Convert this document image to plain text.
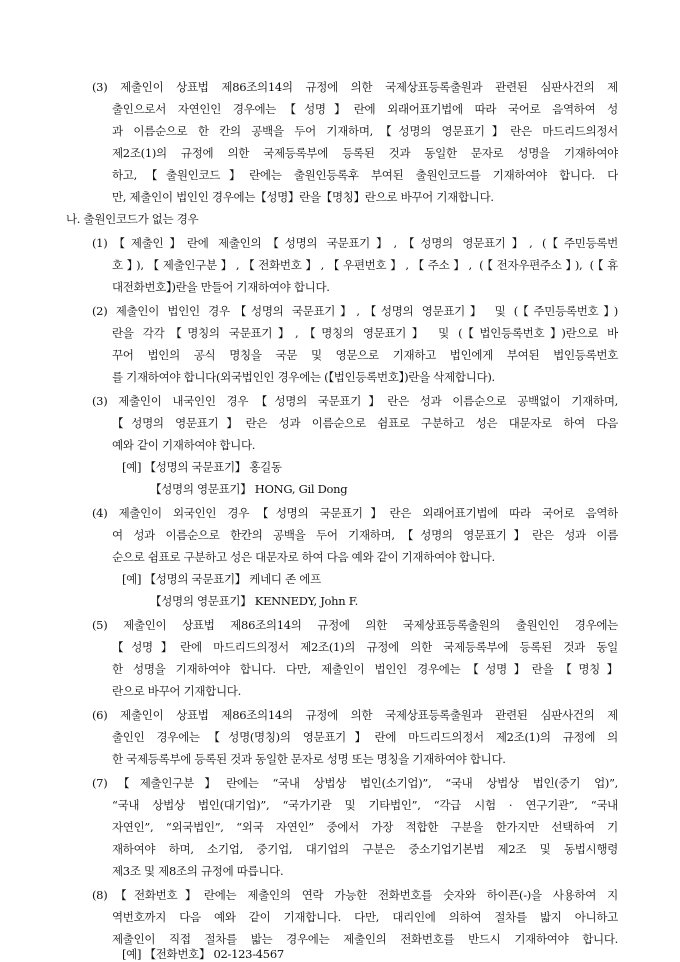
(3) 제출인이 상표법 제86조의14의 규정에 의한 국제상표등록출원과 관련된 심판사건의 제
출인으로서 자연인인 경우에는【성명】란에 외래어표기법에 따라 국어로 음역하여 성
과 이름순으로 한 칸의 공백을 두어 기재하며,【성명의 영문표기】란은 마드리드의정서
제2조(1)의 규정에 의한 국제등록부에 등록된 것과 동일한 문자로 성명을 기재하여야
하고,【출원인코드】란에는 출원인등록후 부여된 출원인코드를 기재하여야 합니다. 다
만, 제출인이 법인인 경우에는【성명】란을【명칭】란으로 바꾸어 기재합니다.
나. 출원인코드가 없는 경우
(1)【제출인】란에 제출인의【성명의 국문표기】,【성명의 영문표기】, (【주민등록번
호】),【제출인구분】,【전화번호】,【우편번호】,【주소】, (【전자우편주소】), (【휴
대전화번호】)란을 만들어 기재하여야 합니다.
(2) 제출인이 법인인 경우【성명의 국문표기】,【성명의 영문표기】 및 (【주민등록번호】)
란을 각각【명칭의 국문표기】,【명칭의 영문표기】 및 (【법인등록번호】)란으로 바
꾸어 법인의 공식 명칭을 국문 및 영문으로 기재하고 법인에게 부여된 법인등록번호
를 기재하여야 합니다(외국법인인 경우에는 (【법인등록번호】)란을 삭제합니다).
(3) 제출인이 내국인인 경우【성명의 국문표기】란은 성과 이름순으로 공백없이 기재하며,
【성명의 영문표기】란은 성과 이름순으로 쉼표로 구분하고 성은 대문자로 하여 다음
예와 같이 기재하여야 합니다.
[예] 【성명의 국문표기】 홍길동
【성명의 영문표기】 HONG, Gil Dong
(4) 제출인이 외국인인 경우【성명의 국문표기】란은 외래어표기법에 따라 국어로 음역하
여 성과 이름순으로 한칸의 공백을 두어 기재하며,【성명의 영문표기】란은 성과 이름
순으로 쉼표로 구분하고 성은 대문자로 하여 다음 예와 같이 기재하여야 합니다.
[예] 【성명의 국문표기】 케네디 존 에프
【성명의 영문표기】 KENNEDY, John F.
(5) 제출인이 상표법 제86조의14의 규정에 의한 국제상표등록출원의 출원인인 경우에는
【성명】란에 마드리드의정서 제2조(1)의 규정에 의한 국제등록부에 등록된 것과 동일
한 성명을 기재하여야 합니다. 다만, 제출인이 법인인 경우에는【성명】란을【명칭】
란으로 바꾸어 기재합니다.
(6) 제출인이 상표법 제86조의14의 규정에 의한 국제상표등록출원과 관련된 심판사건의 제
출인인 경우에는【성명(명칭)의 영문표기】란에 마드리드의정서 제2조(1)의 규정에 의
한 국제등록부에 등록된 것과 동일한 문자로 성명 또는 명칭을 기재하여야 합니다.
(7)【제출인구분】란에는 “국내 상법상 법인(소기업)”, “국내 상법상 법인(중기 업)”,
“국내 상법상 법인(대기업)”, “국가기관 및 기타법인”, “각급 시험 · 연구기관”, “국내
자연인”, “외국법인”, “외국 자연인” 중에서 가장 적합한 구분을 한가지만 선택하여 기
재하여야 하며, 소기업, 중기업, 대기업의 구분은 중소기업기본법 제2조 및 동법시행령
제3조 및 제8조의 규정에 따릅니다.
(8)【전화번호】란에는 제출인의 연락 가능한 전화번호를 숫자와 하이픈(-)을 사용하여 지
역번호까지 다음 예와 같이 기재합니다. 다만, 대리인에 의하여 절차를 밟지 아니하고
제출인이 직접 절차를 밟는 경우에는 제출인의 전화번호를 반드시 기재하여야 합니다.
[예] 【전화번호】 02-123-4567
